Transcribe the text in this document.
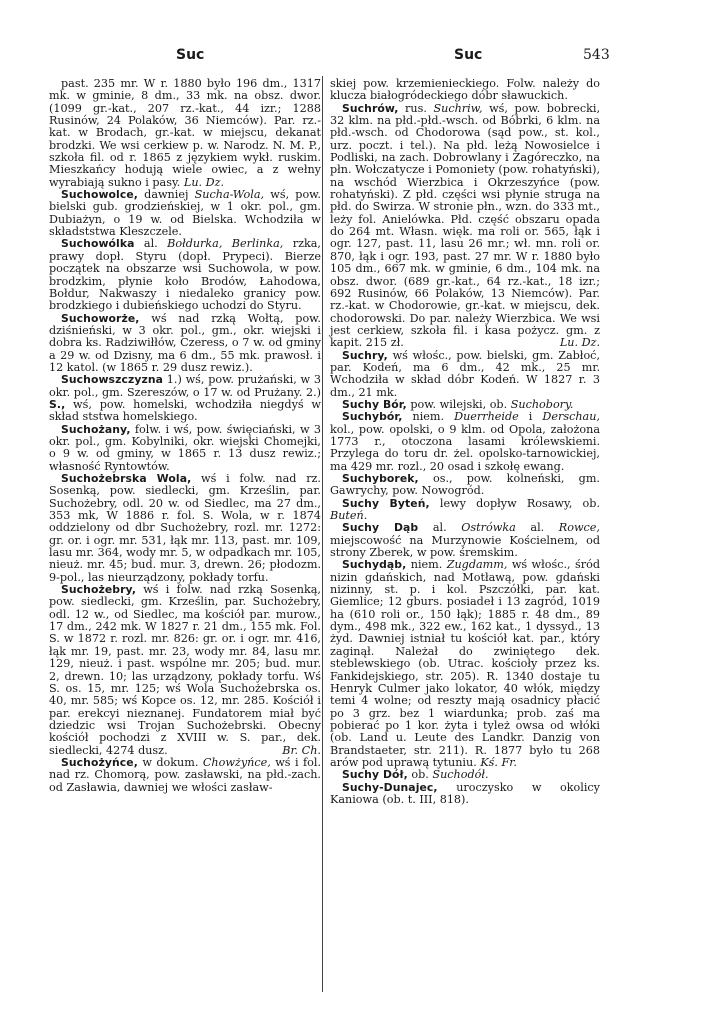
Suc	Suc	543

past. 235 mr. W r. 1880 było 196 dm., 1317 mk. w gminie, 8 dm., 33 mk. na obsz. dwor. (1099 gr.-kat., 207 rz.-kat., 44 izr.; 1288 Rusinów, 24 Polaków, 36 Niemców). Par. rz.-kat. w Brodach, gr.-kat. w miejscu, dekanat brodzki. We wsi cerkiew p. w. Narodz. N. M. P., szkoła fil. od r. 1865 z językiem wykł. ruskim. Mieszkańcy hodują wiele owiec, a z wełny wyrabiają sukno i pasy. Lu. Dz.

Suchowolce, dawniej Sucha-Wola, wś, pow. bielski gub. grodzieńskiej, w 1 okr. pol., gm. Dubiażyn, o 19 w. od Bielska. Wchodziła w składststwa Kleszczele.

Suchowólka al. Bołdurka, Berlinka, rzka, prawy dopł. Styru (dopł. Prypeci). Bierze początek na obszarze wsi Suchowola, w pow. brodzkim, płynie koło Brodów, Łahodowa, Bołdur, Nakwaszy i niedaleko granicy pow. brodzkiego i dubieńskiego uchodzi do Styru.

Suchoworże, wś nad rzką Wołtą, pow. dziśnieński, w 3 okr. pol., gm., okr. wiejski i dobra ks. Radziwiłłów, Czeress, o 7 w. od gminy a 29 w. od Dzisny, ma 6 dm., 55 mk. prawosł. i 12 katol. (w 1865 r. 29 dusz rewiz.).

Suchowszczyzna 1.) wś, pow. prużański, w 3 okr. pol., gm. Szereszów, o 17 w. od Prużany. 2.) S., wś, pow. homelski, wchodziła niegdyś w skład ststwa homelskiego.

Suchożany, folw. i wś, pow. święciański, w 3 okr. pol., gm. Kobylniki, okr. wiejski Chomejki, o 9 w. od gminy, w 1865 r. 13 dusz rewiz.; własność Ryntowtów.

Suchożebrska Wola, wś i folw. nad rz. Sosenką, pow. siedlecki, gm. Krześlin, par. Suchożebry, odl. 20 w. od Siedlec, ma 27 dm., 353 mk, W 1886 r. fol. S. Wola, w r. 1874 oddzielony od dbr Suchożebry, rozl. mr. 1272: gr. or. i ogr. mr. 531, łąk mr. 113, past. mr. 109, lasu mr. 364, wody mr. 5, w odpadkach mr. 105, nieuż. mr. 45; bud. mur. 3, drewn. 26; płodozm. 9-pol., las nieurządzony, pokłady torfu.

Suchożebry, wś i folw. nad rzką Sosenką, pow. siedlecki, gm. Krześlin, par. Suchożebry, odl. 12 w., od Siedlec, ma kościół par. murow., 17 dm., 242 mk. W 1827 r. 21 dm., 155 mk. Fol. S. w 1872 r. rozl. mr. 826: gr. or. i ogr. mr. 416, łąk mr. 19, past. mr. 23, wody mr. 84, lasu mr. 129, nieuż. i past. wspólne mr. 205; bud. mur. 2, drewn. 10; las urządzony, pokłady torfu. Wś S. os. 15, mr. 125; wś Wola Suchożebrska os. 40, mr. 585; wś Kopce os. 12, mr. 285. Kościół i par. erekcyi nieznanej. Fundatorem miał być dziedzic wsi Trojan Suchożebrski. Obecny kościół pochodzi z XVIII w. S. par., dek. siedlecki, 4274 dusz.	Br. Ch.

Suchożyńce, w dokum. Chowżyńce, wś i fol. nad rz. Chomorą, pow. zasławski, na płd.-zach. od Zasławia, dawniej we włości zasław-

skiej pow. krzemienieckiego. Folw. należy do klucza białogródeckiego dóbr sławuckich.

Suchrów, rus. Suchriw, wś, pow. bobrecki, 32 klm. na płd.-płd.-wsch. od Bóbrki, 6 klm. na płd.-wsch. od Chodorowa (sąd pow., st. kol., urz. poczt. i tel.). Na płd. leżą Nowosielce i Podliski, na zach. Dobrowlany i Zagóreczko, na płn. Wołczatycze i Pomoniety (pow. rohatyński), na wschód Wierzbica i Okrzeszyńce (pow. rohatyński). Z płd. części wsi płynie struga na płd. do Swirza. W stronie płn., wzn. do 333 mt., leży fol. Anielówka. Płd. część obszaru opada do 264 mt. Własn. więk. ma roli or. 565, łąk i ogr. 127, past. 11, lasu 26 mr.; wł. mn. roli or. 870, łąk i ogr. 193, past. 27 mr. W r. 1880 było 105 dm., 667 mk. w gminie, 6 dm., 104 mk. na obsz. dwor. (689 gr.-kat., 64 rz.-kat., 18 izr.; 692 Rusinów, 66 Polaków, 13 Niemców). Par. rz.-kat. w Chodorowie, gr.-kat. w miejscu, dek. chodorowski. Do par. należy Wierzbica. We wsi jest cerkiew, szkoła fil. i kasa pożycz. gm. z kapit. 215 zł.	Lu. Dz.

Suchry, wś włośc., pow. bielski, gm. Zabłoć, par. Kodeń, ma 6 dm., 42 mk., 25 mr. Wchodziła w skład dóbr Kodeń. W 1827 r. 3 dm., 21 mk.

Suchy Bór, pow. wilejski, ob. Suchobory.

Suchybór, niem. Duerrheide i Derschau, kol., pow. opolski, o 9 klm. od Opola, założona 1773 r., otoczona lasami królewskiemi. Przylega do toru dr. żel. opolsko-tarnowickiej, ma 429 mr. rozl., 20 osad i szkołę ewang.

Suchyborek, os., pow. kolneński, gm. Gawrychy, pow. Nowogród.

Suchy Byteń, lewy dopływ Rosawy, ob. Buteń.

Suchy Dąb al. Ostrówka al. Rowce, miejscowość na Murzynowie Kościelnem, od strony Zberek, w pow. śremskim.

Suchydąb, niem. Zugdamm, wś włośc., śród nizin gdańskich, nad Motławą, pow. gdański nizinny, st. p. i kol. Pszczółki, par. kat. Giemlice; 12 gburs. posiadeł i 13 zagród, 1019 ha (610 roli or., 150 łąk); 1885 r. 48 dm., 89 dym., 498 mk., 322 ew., 162 kat., 1 dyssyd., 13 żyd. Dawniej istniał tu kościół kat. par., który zaginął. Należał do zwiniętego dek. steblewskiego (ob. Utrac. kościoły przez ks. Fankidejskiego, str. 205). R. 1340 dostaje tu Henryk Culmer jako lokator, 40 włók, między temi 4 wolne; od reszty mają osadnicy płacić po 3 grz. bez 1 wiardunka; prob. zaś ma pobierać po 1 kor. żyta i tyleż owsa od włóki (ob. Land u. Leute des Landkr. Danzig von Brandstaeter, str. 211). R. 1877 było tu 268 arów pod uprawą tytuniu. Kś. Fr.

Suchy Dół, ob. Suchodół.

Suchy-Dunajec, uroczysko w okolicy Kaniowa (ob. t. III, 818).
